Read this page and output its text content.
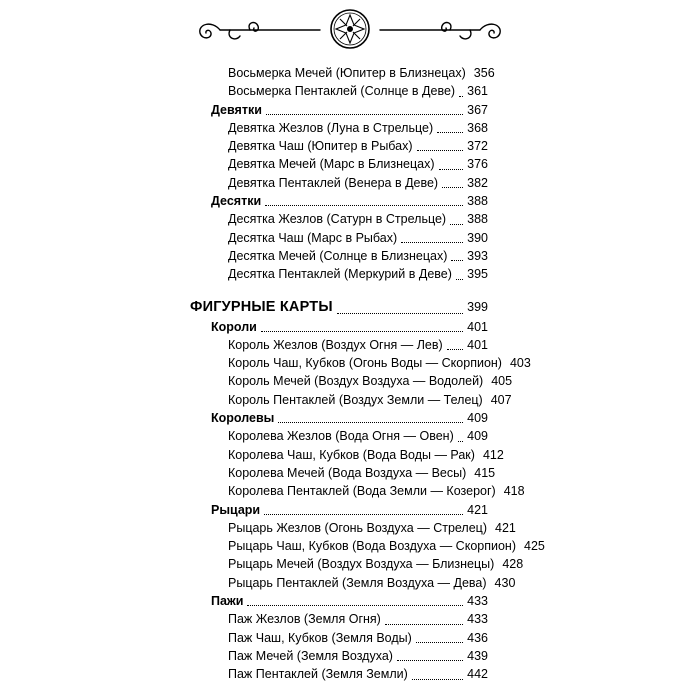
Восьмерка Мечей (Юпитер в Близнецах) 356
Восьмерка Пентаклей (Солнце в Деве) 361
Девятки	367
Девятка Жезлов (Луна в Стрельце)	368
Девятка Чаш (Юпитер в Рыбах)	372
Девятка Мечей (Марс в Близнецах)	376
Девятка Пентаклей (Венера в Деве) 382
Десятки	388
Десятка Жезлов (Сатурн в Стрельце) 388
Десятка Чаш (Марс в Рыбах)	390
Десятка Мечей (Солнце в Близнецах) 393
Десятка Пентаклей (Меркурий в Деве) 395
ФИГУРНЫЕ КАРТЫ	399
Короли	401
Король Жезлов (Воздух Огня — Лев) 401
Король Чаш, Кубков (Огонь Воды — Скорпион) 403
Король Мечей (Воздух Воздуха — Водолей) 405
Король Пентаклей (Воздух Земли — Телец) 407
Королевы	409
Королева Жезлов (Вода Огня — Овен) 409
Королева Чаш, Кубков (Вода Воды — Рак) 412
Королева Мечей (Вода Воздуха — Весы) 415
Королева Пентаклей (Вода Земли — Козерог) 418
Рыцари	421
Рыцарь Жезлов (Огонь Воздуха — Стрелец) 421
Рыцарь Чаш, Кубков (Вода Воздуха — Скорпион) 425
Рыцарь Мечей (Воздух Воздуха — Близнецы) 428
Рыцарь Пентаклей (Земля Воздуха — Дева) 430
Пажи	433
Паж Жезлов (Земля Огня)	433
Паж Чаш, Кубков (Земля Воды)	436
Паж Мечей (Земля Воздуха)	439
Паж Пентаклей (Земля Земли)	442
